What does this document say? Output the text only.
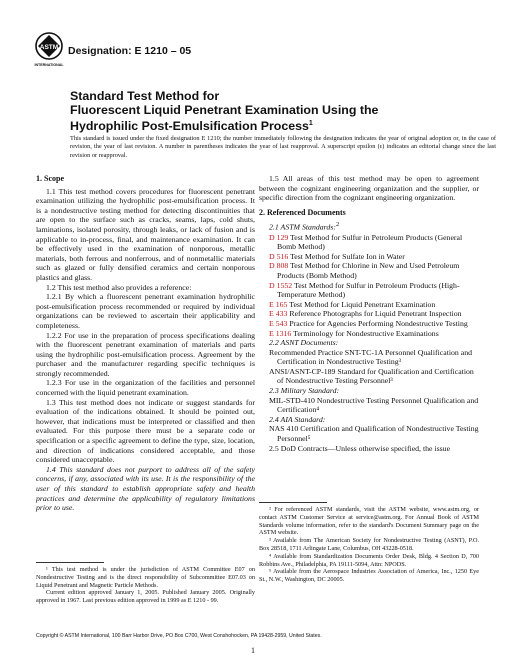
ASTM
INTERNATIONAL
Designation: E 1210 – 05
Standard Test Method for
Fluorescent Liquid Penetrant Examination Using the
Hydrophilic Post-Emulsification Process$^1$

This standard is issued under the fixed designation E 1210; the number immediately following the designation indicates the year of original adoption or, in the case of revision, the year of last revision. A number in parentheses indicates the year of last reapproval. A superscript epsilon (ε) indicates an editorial change since the last revision or reapproval.

1. Scope

1.1 This test method covers procedures for fluorescent penetrant examination utilizing the hydrophilic post-emulsification process. It is a nondestructive testing method for detecting discontinuities that are open to the surface such as cracks, seams, laps, cold shuts, laminations, isolated porosity, through leaks, or lack of fusion and is applicable to in-process, final, and maintenance examination. It can be effectively used in the examination of nonporous, metallic materials, both ferrous and nonferrous, and of nonmetallic materials such as glazed or fully densified ceramics and certain nonporous plastics and glass.

1.2 This test method also provides a reference:

1.2.1 By which a fluorescent penetrant examination hydrophilic post-emulsification process recommended or required by individual organizations can be reviewed to ascertain their applicability and completeness.

1.2.2 For use in the preparation of process specifications dealing with the fluorescent penetrant examination of materials and parts using the hydrophilic post-emulsification process. Agreement by the purchaser and the manufacturer regarding specific techniques is strongly recommended.

1.2.3 For use in the organization of the facilities and personnel concerned with the liquid penetrant examination.

1.3 This test method does not indicate or suggest standards for evaluation of the indications obtained. It should be pointed out, however, that indications must be interpreted or classified and then evaluated. For this purpose there must be a separate code or specification or a specific agreement to define the type, size, location, and direction of indications considered acceptable, and those considered unacceptable.

1.4 This standard does not purport to address all of the safety concerns, if any, associated with its use. It is the responsibility of the user of this standard to establish appropriate safety and health practices and determine the applicability of regulatory limitations prior to use.

¹ This test method is under the jurisdiction of ASTM Committee E07 on Nondestructive Testing and is the direct responsibility of Subcommittee E07.03 on Liquid Penetrant and Magnetic Particle Methods.

Current edition approved January 1, 2005. Published January 2005. Originally approved in 1967. Last previous edition approved in 1999 as E 1210 - 99.

1.5 All areas of this test method may be open to agreement between the cognizant engineering organization and the supplier, or specific direction from the cognizant engineering organization.

2. Referenced Documents

2.1 ASTM Standards:$^2$

D 129 Test Method for Sulfur in Petroleum Products (General Bomb Method)

D 516 Test Method for Sulfate Ion in Water

D 808 Test Method for Chlorine in New and Used Petroleum Products (Bomb Method)

D 1552 Test Method for Sulfur in Petroleum Products (High-Temperature Method)

E 165 Test Method for Liquid Penetrant Examination

E 433 Reference Photographs for Liquid Penetrant Inspection

E 543 Practice for Agencies Performing Nondestructive Testing

E 1316 Terminology for Nondestructive Examinations

2.2 ASNT Documents:

Recommended Practice SNT-TC-1A Personnel Qualification and Certification in Nondestructive Testing³

ANSI/ASNT-CP-189 Standard for Qualification and Certification of Nondestructive Testing Personnel³

2.3 Military Standard:

MIL-STD-410 Nondestructive Testing Personnel Qualification and Certification⁴

2.4 AIA Standard:

NAS 410 Certification and Qualification of Nondestructive Testing Personnel⁵

2.5 DoD Contracts—Unless otherwise specified, the issue

² For referenced ASTM standards, visit the ASTM website, www.astm.org, or contact ASTM Customer Service at service@astm.org. For Annual Book of ASTM Standards volume information, refer to the standard's Document Summary page on the ASTM website.

³ Available from The American Society for Nondestructive Testing (ASNT), P.O. Box 28518, 1711 Arlingate Lane, Columbus, OH 43228-0518.

⁴ Available from Standardization Documents Order Desk, Bldg. 4 Section D, 700 Robbins Ave., Philadelphia, PA 19111-5094, Attn: NPODS.

⁵ Available from the Aerospace Industries Association of America, Inc., 1250 Eye St., N.W., Washington, DC 20005.

Copyright © ASTM International, 100 Barr Harbor Drive, PO Box C700, West Conshohocken, PA 19428-2959, United States.
1
